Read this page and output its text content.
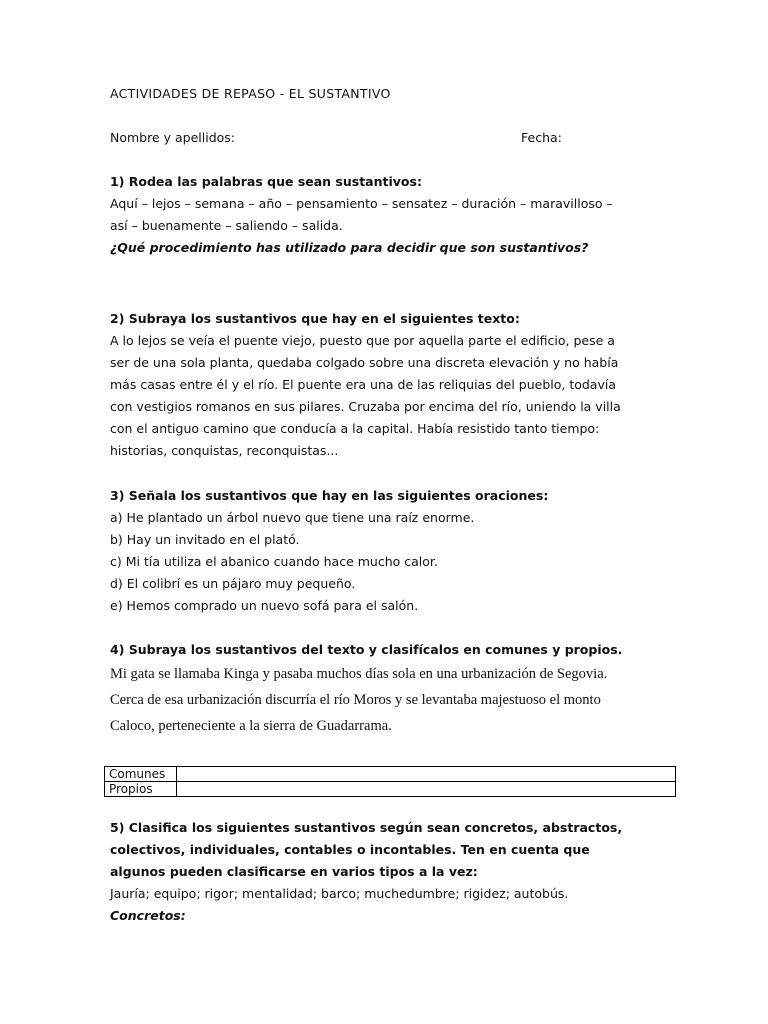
ACTIVIDADES DE REPASO - EL SUSTANTIVO
Nombre y apellidos:	Fecha:
1) Rodea las palabras que sean sustantivos:
Aquí – lejos – semana – año – pensamiento – sensatez – duración – maravilloso –
así – buenamente – saliendo – salida.
¿Qué procedimiento has utilizado para decidir que son sustantivos?
2) Subraya los sustantivos que hay en el siguientes texto:
A lo lejos se veía el puente viejo, puesto que por aquella parte el edificio, pese a
ser de una sola planta, quedaba colgado sobre una discreta elevación y no había
más casas entre él y el río. El puente era una de las reliquias del pueblo, todavía
con vestigios romanos en sus pilares. Cruzaba por encima del río, uniendo la villa
con el antiguo camino que conducía a la capital. Había resistido tanto tiempo:
historias, conquistas, reconquistas...
3) Señala los sustantivos que hay en las siguientes oraciones:
a) He plantado un árbol nuevo que tiene una raíz enorme.
b) Hay un invitado en el plató.
c) Mi tía utiliza el abanico cuando hace mucho calor.
d) El colibrí es un pájaro muy pequeño.
e) Hemos comprado un nuevo sofá para el salón.
4) Subraya los sustantivos del texto y clasifícalos en comunes y propios.
Mi gata se llamaba Kinga y pasaba muchos días sola en una urbanización de Segovia.
Cerca de esa urbanización discurría el río Moros y se levantaba majestuoso el monto
Caloco, perteneciente a la sierra de Guadarrama.
Comunes	
Propios	
5) Clasifica los siguientes sustantivos según sean concretos, abstractos,
colectivos, individuales, contables o incontables. Ten en cuenta que
algunos pueden clasificarse en varios tipos a la vez:
Jauría; equipo; rigor; mentalidad; barco; muchedumbre; rigidez; autobús.
Concretos:
